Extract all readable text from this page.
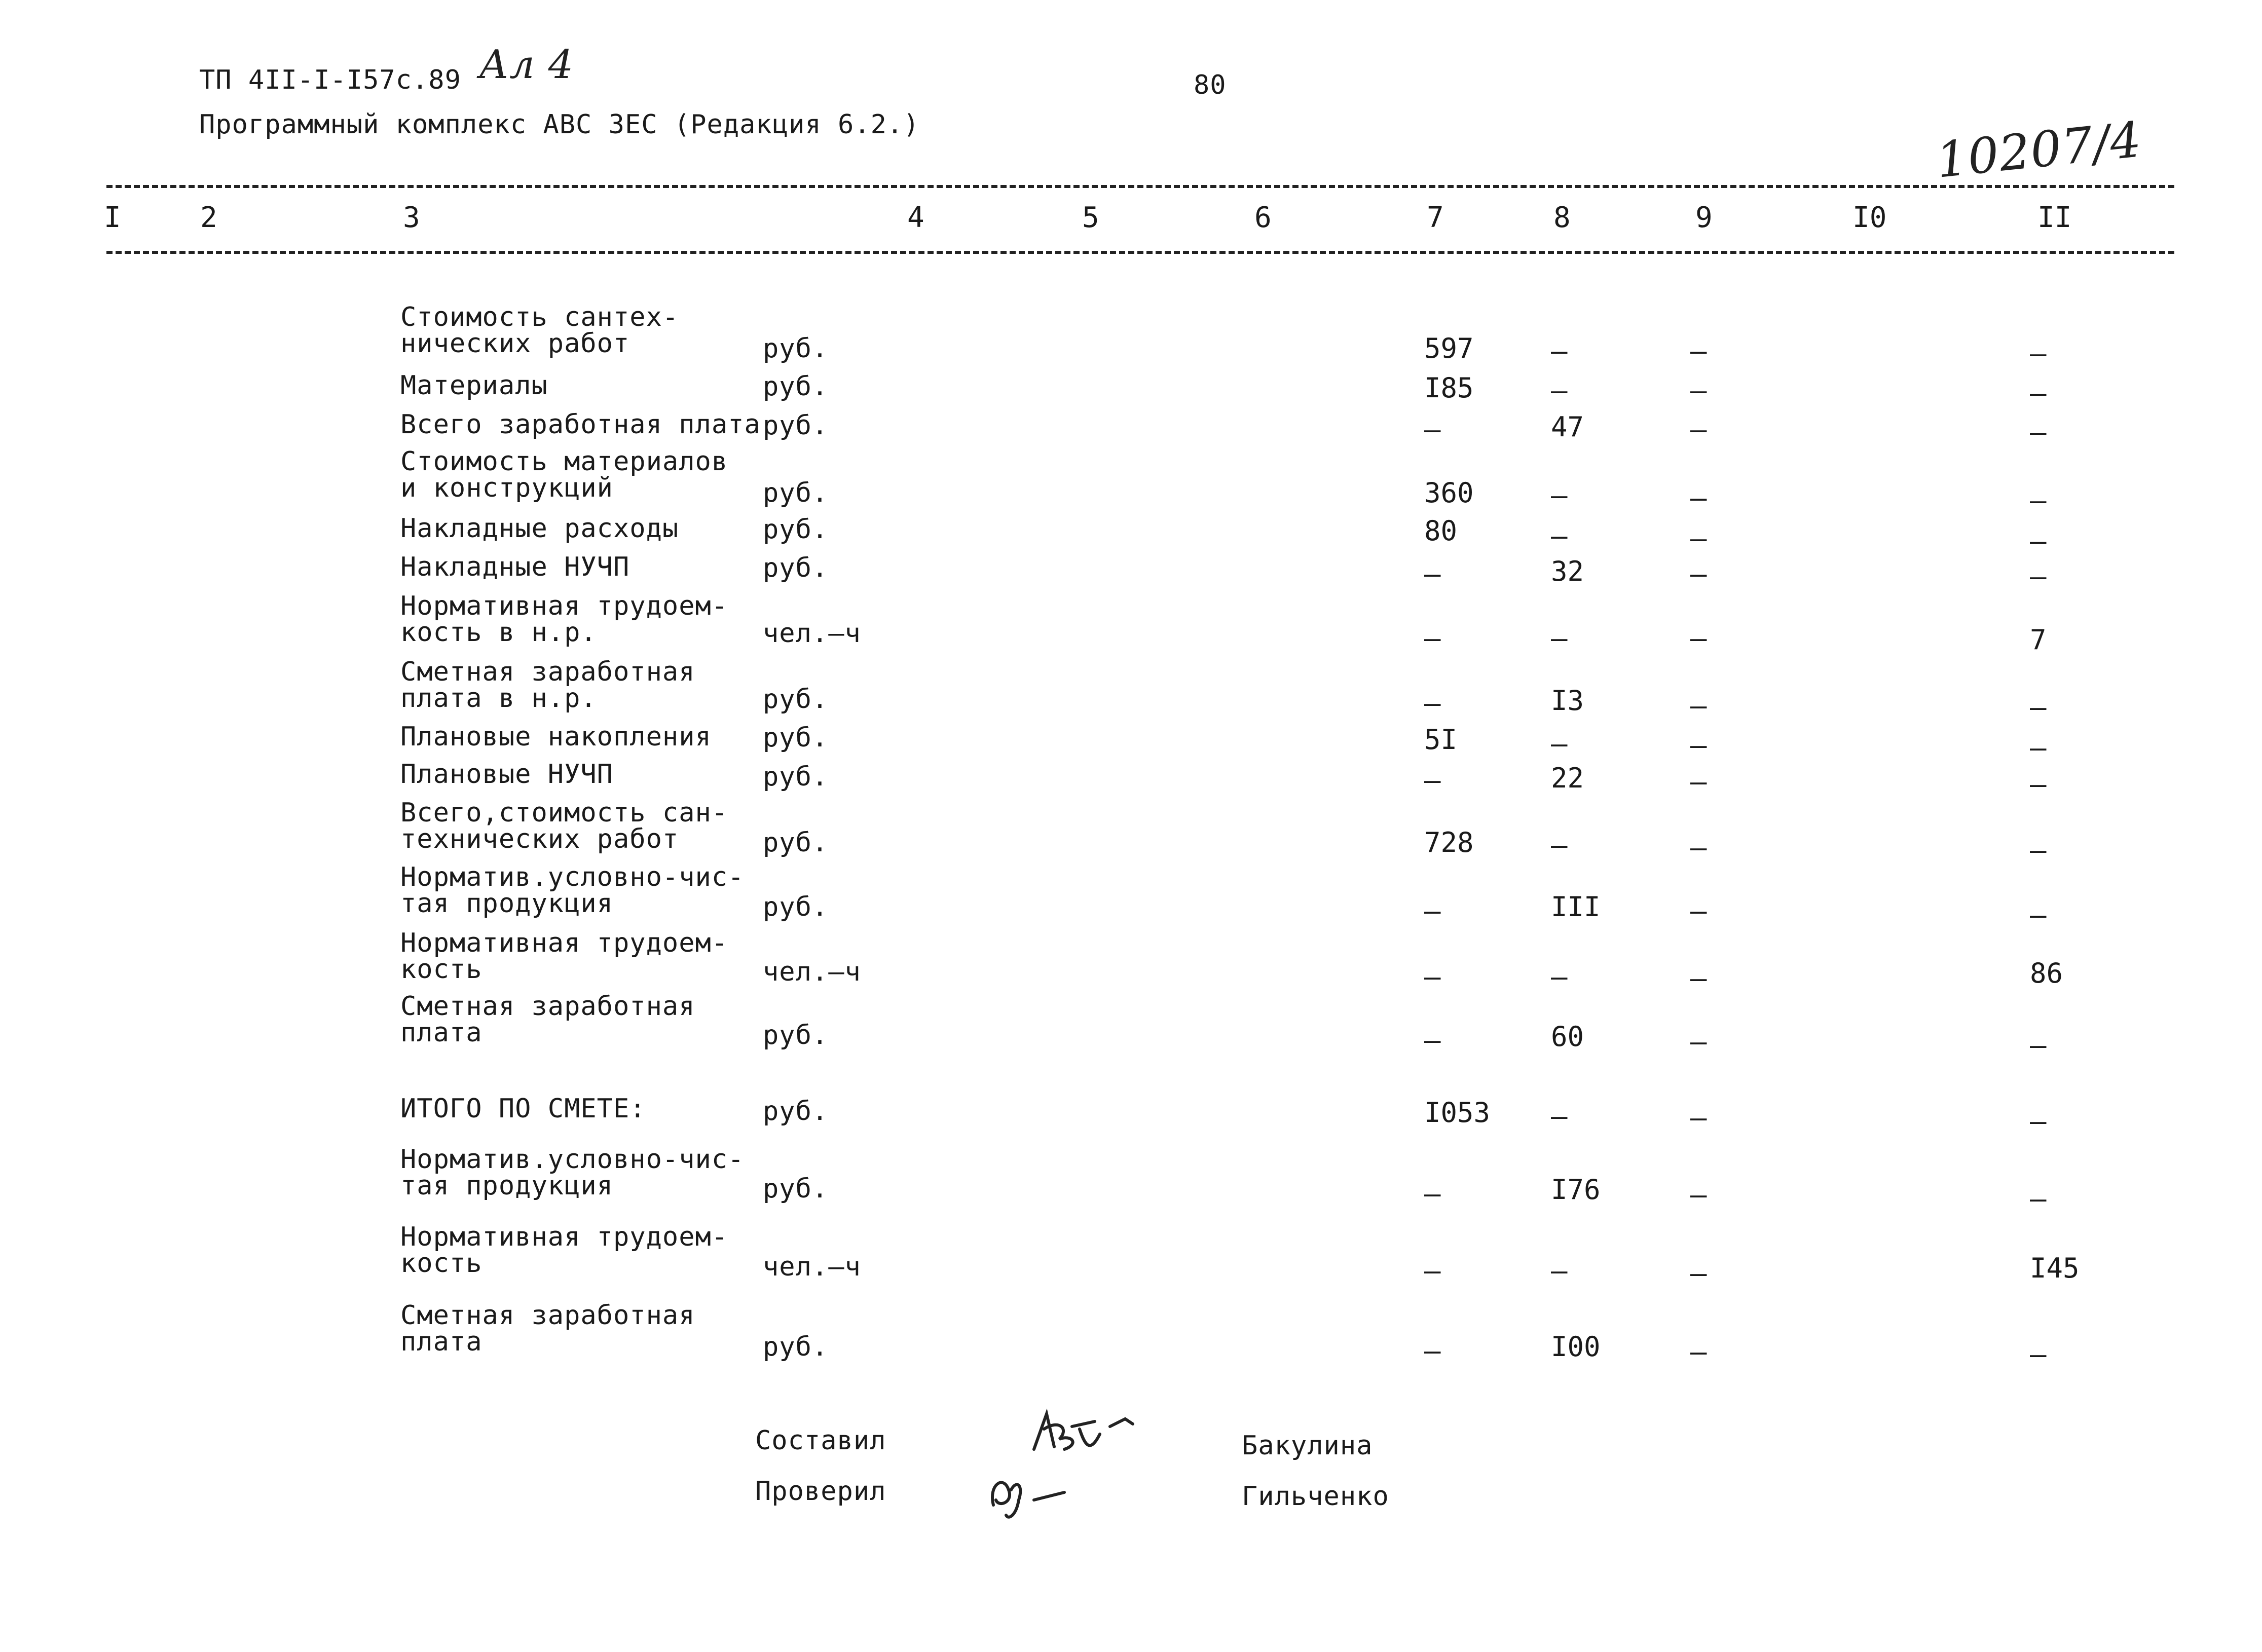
ТП 4II-I-I57с.89 Ал 4	80
Программный комплекс АВС 3ЕС (Редакция 6.2.)	10207/4
I	2	3	4	5	6	7	8	9	I0	II
Стоимость сантех-
нических работ	руб.	597	–	–	–
Материалы	руб.	I85	–	–	–
Всего заработная плата руб.	–	47	–	–
Стоимость материалов
и конструкций	руб.	360	–	–	–
Накладные расходы	руб.	80	–	–	–
Накладные НУЧП	руб.	–	32	–	–
Нормативная трудоем-
кость в н.р.	чел.–ч	–	–	–	7
Сметная заработная
плата в н.р.	руб.	–	I3	–	–
Плановые накопления	руб.	5I	–	–	–
Плановые НУЧП	руб.	–	22	–	–
Всего,стоимость сан-
технических работ	руб.	728	–	–	–
Норматив.условно-чис-
тая продукция	руб.	–	III	–	–
Нормативная трудоем-
кость	чел.–ч	–	–	–	86
Сметная заработная
плата	руб.	–	60	–	–
ИТОГО ПО СМЕТЕ:	руб.	I053 –	–	–
Норматив.условно-чис-
тая продукция	руб.	–	I76	–	–
Нормативная трудоем-
кость	чел.–ч	–	–	–	I45
Сметная заработная
плата	руб.	–	I00	–	–
Составил	Бакулина
Проверил	Гильченко
